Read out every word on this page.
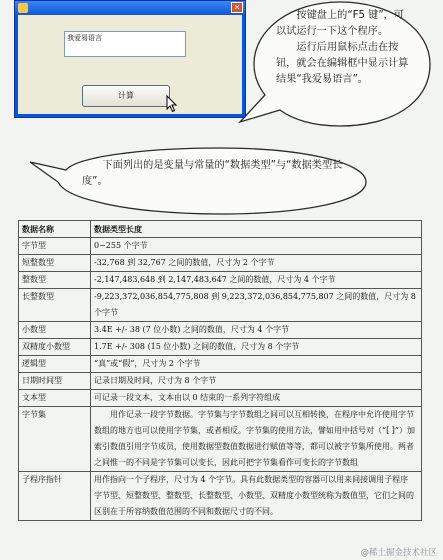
✕
我爱易语言
计算

按键盘上的“F5 键”，可以试运行一下这个程序。

运行后用鼠标点击在按钮，就会在编辑框中显示计算结果“我爱易语言”。

下面列出的是变量与常量的“数据类型”与“数据类型长度”。
数据名称	数据类型长度
字节型	0~255 个字节

短整数型	-32,768 到 32,767 之间的数值，尺寸为 2 个字节

整数型	-2,147,483,648 到 2,147,483,647 之间的数值，尺寸为 4 个字节

长整数型	-9,223,372,036,854,775,808 到 9,223,372,036,854,775,807 之间的数值，尺寸为 8 个字节

小数型	3.4E +/- 38 (7 位小数) 之间的数值，尺寸为 4 个字节

双精度小数型	1.7E +/- 308 (15 位小数) 之间的数值，尺寸为 8 个字节

逻辑型	“真”或“假”，尺寸为 2 个字节

日期时间型	记录日期及时间，尺寸为 8 个字节

文本型	可记录一段文本，文本由以 0 结束的一系列字符组成

字节集	用作记录一段字节数据。字节集与字节数组之间可以互相转换，在程序中允许使用字节数组的地方也可以使用字节集，或者相反。字节集的使用方法，譬如用中括号对（“[ ]”）加索引数值引用字节成员，使用数据型数值数据进行赋值等等，都可以被字节集所使用。两者之间惟一的不同是字节集可以变长，因此可把字节集看作可变长的字节数组

子程序指针	用作指向一个子程序，尺寸为 4 个字节。具有此数据类型的容器可以用来间接调用子程序

字节型、短整数型、整数型、长整数型、小数型、双精度小数型统称为数值型，它们之间的区别在于所容纳数值范围的不同和数据尺寸的不同。

@稀土掘金技术社区
